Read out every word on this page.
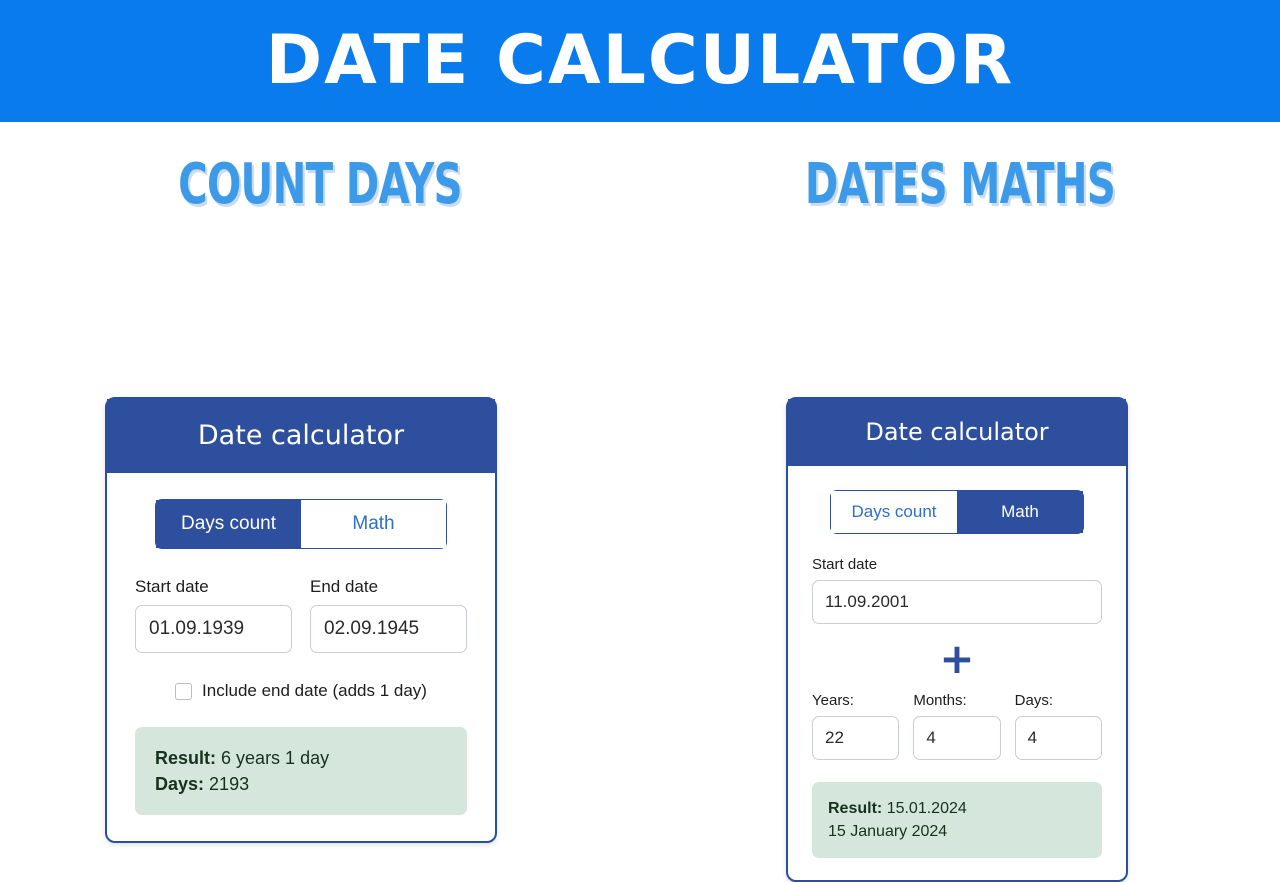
DATE CALCULATOR
COUNT DAYS
Date calculator
Days count	Math
Start date
01.09.1939
End date
02.09.1945
Include end date (adds 1 day)
Result: 6 years 1 day
Days: 2193
DATES MATHS
Date calculator
Days count	Math
Start date
11.09.2001
+
Years:
22
Months:
4
Days:
4
Result: 15.01.2024
15 January 2024
